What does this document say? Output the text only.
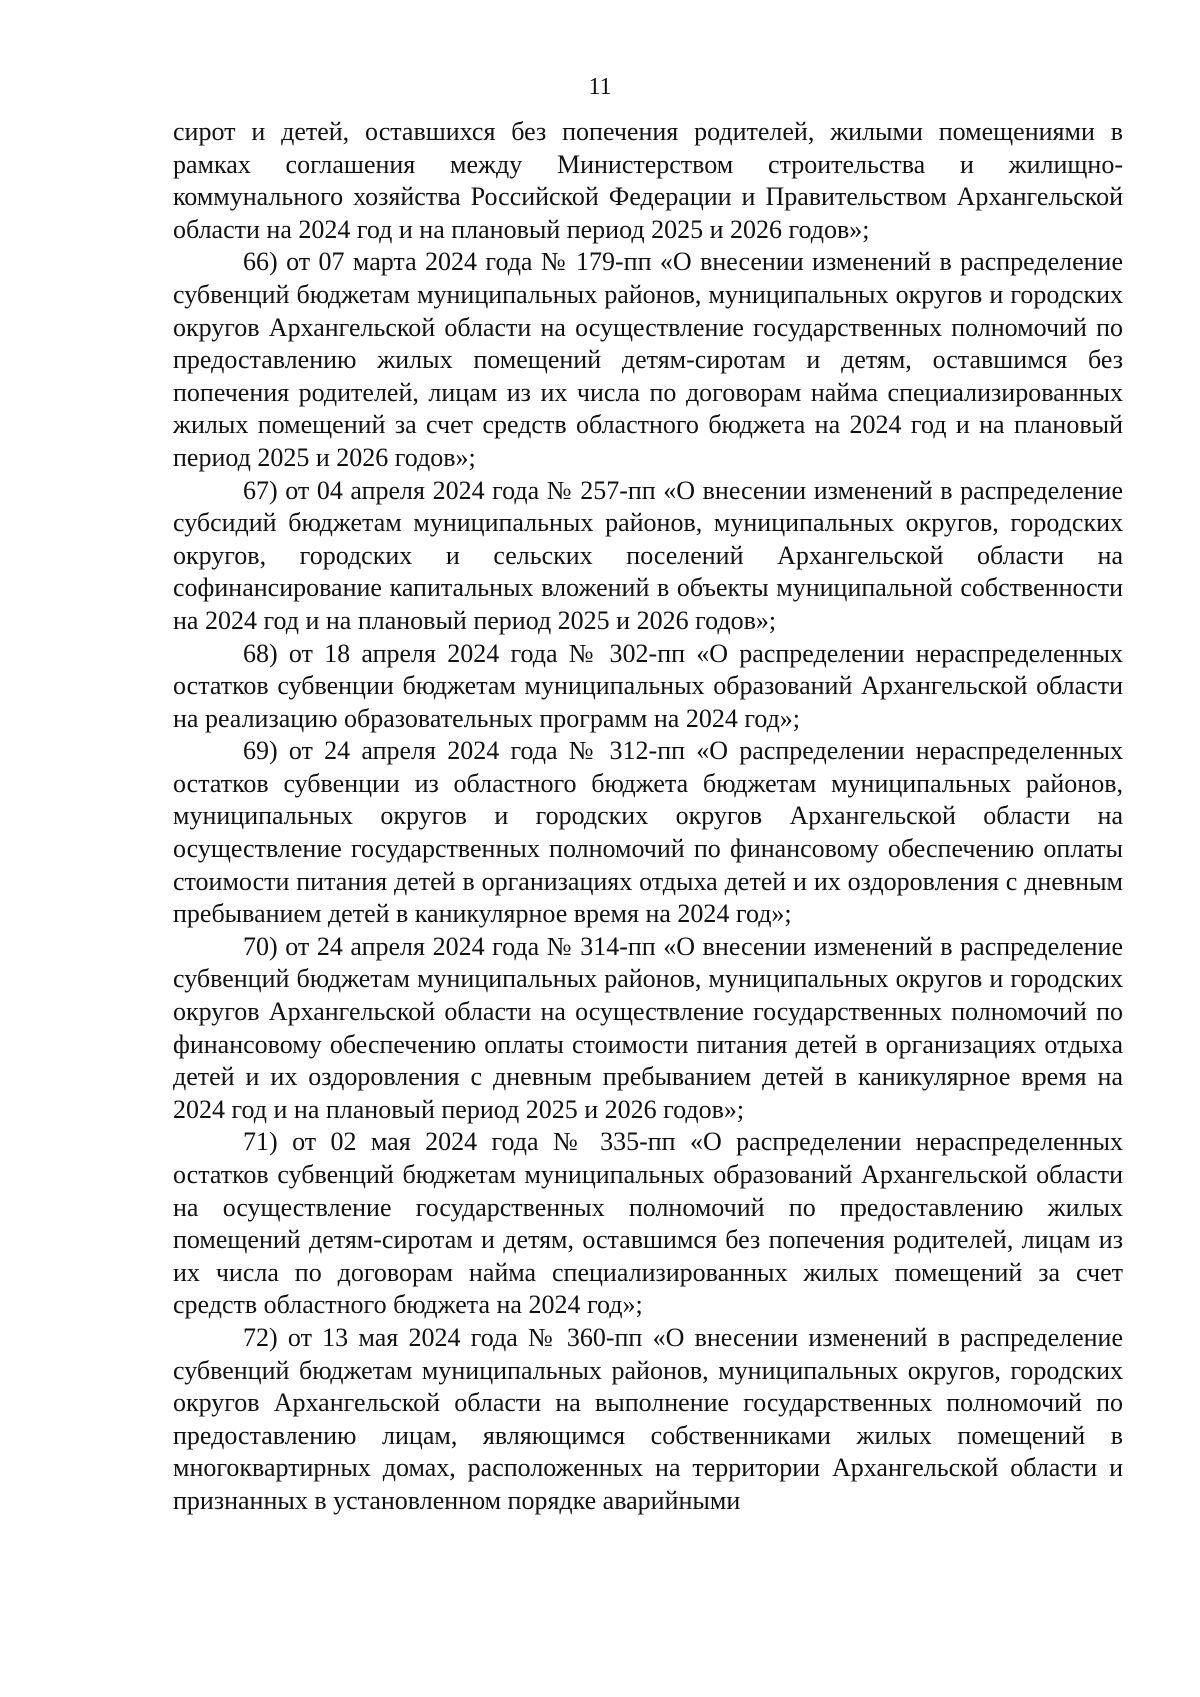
11

сирот и детей, оставшихся без попечения родителей, жилыми помещениями в рамках соглашения между Министерством строительства и жилищно-коммунального хозяйства Российской Федерации и Правительством Архангельской области на 2024 год и на плановый период 2025 и 2026 годов»;

66) от 07 марта 2024 года № 179-пп «О внесении изменений в распределение субвенций бюджетам муниципальных районов, муниципальных округов и городских округов Архангельской области на осуществление государственных полномочий по предоставлению жилых помещений детям-сиротам и детям, оставшимся без попечения родителей, лицам из их числа по договорам найма специализированных жилых помещений за счет средств областного бюджета на 2024 год и на плановый период 2025 и 2026 годов»;

67) от 04 апреля 2024 года № 257-пп «О внесении изменений в распределение субсидий бюджетам муниципальных районов, муниципальных округов, городских округов, городских и сельских поселений Архангельской области на софинансирование капитальных вложений в объекты муниципальной собственности на 2024 год и на плановый период 2025 и 2026 годов»;

68) от 18 апреля 2024 года № 302-пп «О распределении нераспределенных остатков субвенции бюджетам муниципальных образований Архангельской области на реализацию образовательных программ на 2024 год»;

69) от 24 апреля 2024 года № 312-пп «О распределении нераспределенных остатков субвенции из областного бюджета бюджетам муниципальных районов, муниципальных округов и городских округов Архангельской области на осуществление государственных полномочий по финансовому обеспечению оплаты стоимости питания детей в организациях отдыха детей и их оздоровления с дневным пребыванием детей в каникулярное время на 2024 год»;

70) от 24 апреля 2024 года № 314-пп «О внесении изменений в распределение субвенций бюджетам муниципальных районов, муниципальных округов и городских округов Архангельской области на осуществление государственных полномочий по финансовому обеспечению оплаты стоимости питания детей в организациях отдыха детей и их оздоровления с дневным пребыванием детей в каникулярное время на 2024 год и на плановый период 2025 и 2026 годов»;

71) от 02 мая 2024 года № 335-пп «О распределении нераспределенных остатков субвенций бюджетам муниципальных образований Архангельской области на осуществление государственных полномочий по предоставлению жилых помещений детям-сиротам и детям, оставшимся без попечения родителей, лицам из их числа по договорам найма специализированных жилых помещений за счет средств областного бюджета на 2024 год»;

72) от 13 мая 2024 года № 360-пп «О внесении изменений в распределение субвенций бюджетам муниципальных районов, муниципальных округов, городских округов Архангельской области на выполнение государственных полномочий по предоставлению лицам, являющимся собственниками жилых помещений в многоквартирных домах, расположенных на территории Архангельской области и признанных в установленном порядке аварийными
